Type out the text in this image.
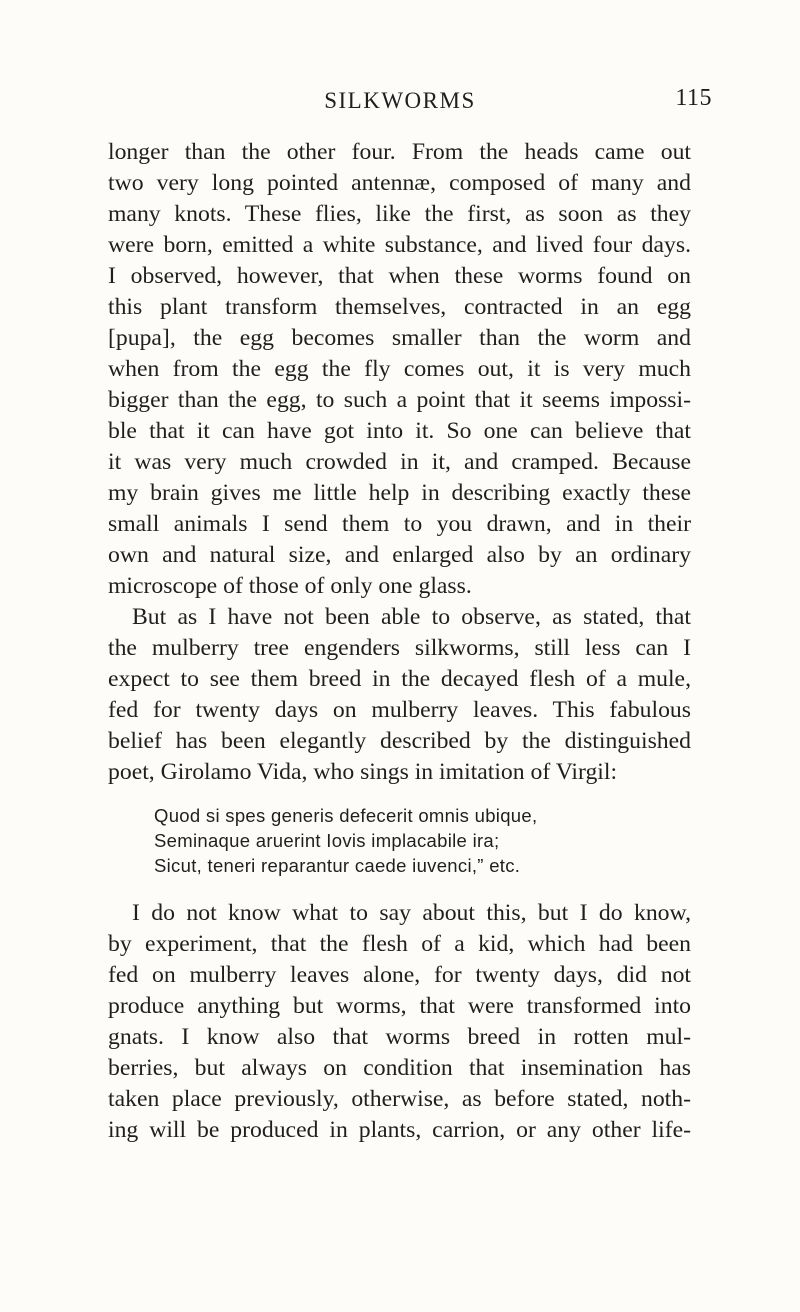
SILKWORMS	115
longer than the other four. From the heads came out
two very long pointed antennæ, composed of many and
many knots. These flies, like the first, as soon as they
were born, emitted a white substance, and lived four days.
I observed, however, that when these worms found on
this plant transform themselves, contracted in an egg
[pupa], the egg becomes smaller than the worm and
when from the egg the fly comes out, it is very much
bigger than the egg, to such a point that it seems impossi-
ble that it can have got into it. So one can believe that
it was very much crowded in it, and cramped. Because
my brain gives me little help in describing exactly these
small animals I send them to you drawn, and in their
own and natural size, and enlarged also by an ordinary
microscope of those of only one glass.
But as I have not been able to observe, as stated, that
the mulberry tree engenders silkworms, still less can I
expect to see them breed in the decayed flesh of a mule,
fed for twenty days on mulberry leaves. This fabulous
belief has been elegantly described by the distinguished
poet, Girolamo Vida, who sings in imitation of Virgil:
Quod si spes generis defecerit omnis ubique,
Seminaque aruerint Iovis implacabile ira;
Sicut, teneri reparantur caede iuvenci,” etc.
I do not know what to say about this, but I do know,
by experiment, that the flesh of a kid, which had been
fed on mulberry leaves alone, for twenty days, did not
produce anything but worms, that were transformed into
gnats. I know also that worms breed in rotten mul-
berries, but always on condition that insemination has
taken place previously, otherwise, as before stated, noth-
ing will be produced in plants, carrion, or any other life-
